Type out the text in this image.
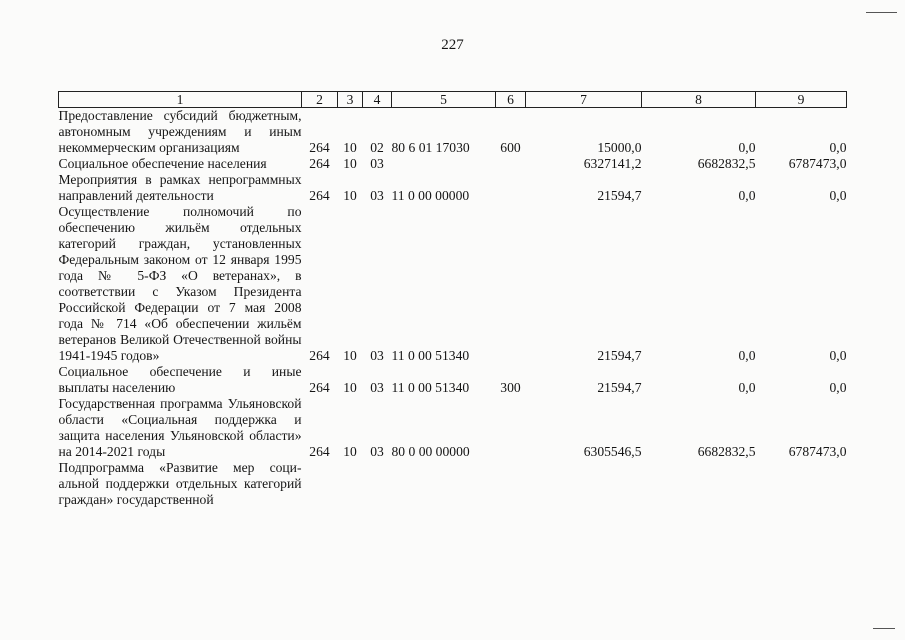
227
1	2	3	4	5	6	7	8	9
Предоставление субсидий бюджетным, автономным учреждениям и иным некоммерческим организациям	264	10	02	80 6 01 17030	600	15000,0	0,0	0,0
Социальное обеспечение населения	264	10	03			6327141,2	6682832,5	6787473,0
Мероприятия в рамках непрограммных направлений деятельности	264	10	03	11 0 00 00000		21594,7	0,0	0,0
Осуществление полномочий по обеспечению жильём отдельных категорий граждан, установленных Федеральным законом от 12 января 1995 года № 5-ФЗ «О ветеранах», в соответствии с Указом Президента Российской Федерации от 7 мая 2008 года № 714 «Об обеспечении жильём ветеранов Великой Отечественной войны 1941-1945 годов»	264	10	03	11 0 00 51340		21594,7	0,0	0,0
Социальное обеспечение и иные выплаты населению	264	10	03	11 0 00 51340	300	21594,7	0,0	0,0
Государственная программа Ульяновской области «Социальная поддержка и защита населения Ульяновской области» на 2014-2021 годы	264	10	03	80 0 00 00000		6305546,5	6682832,5	6787473,0
Подпрограмма «Развитие мер социальной поддержки отдельных категорий граждан» государственной								
